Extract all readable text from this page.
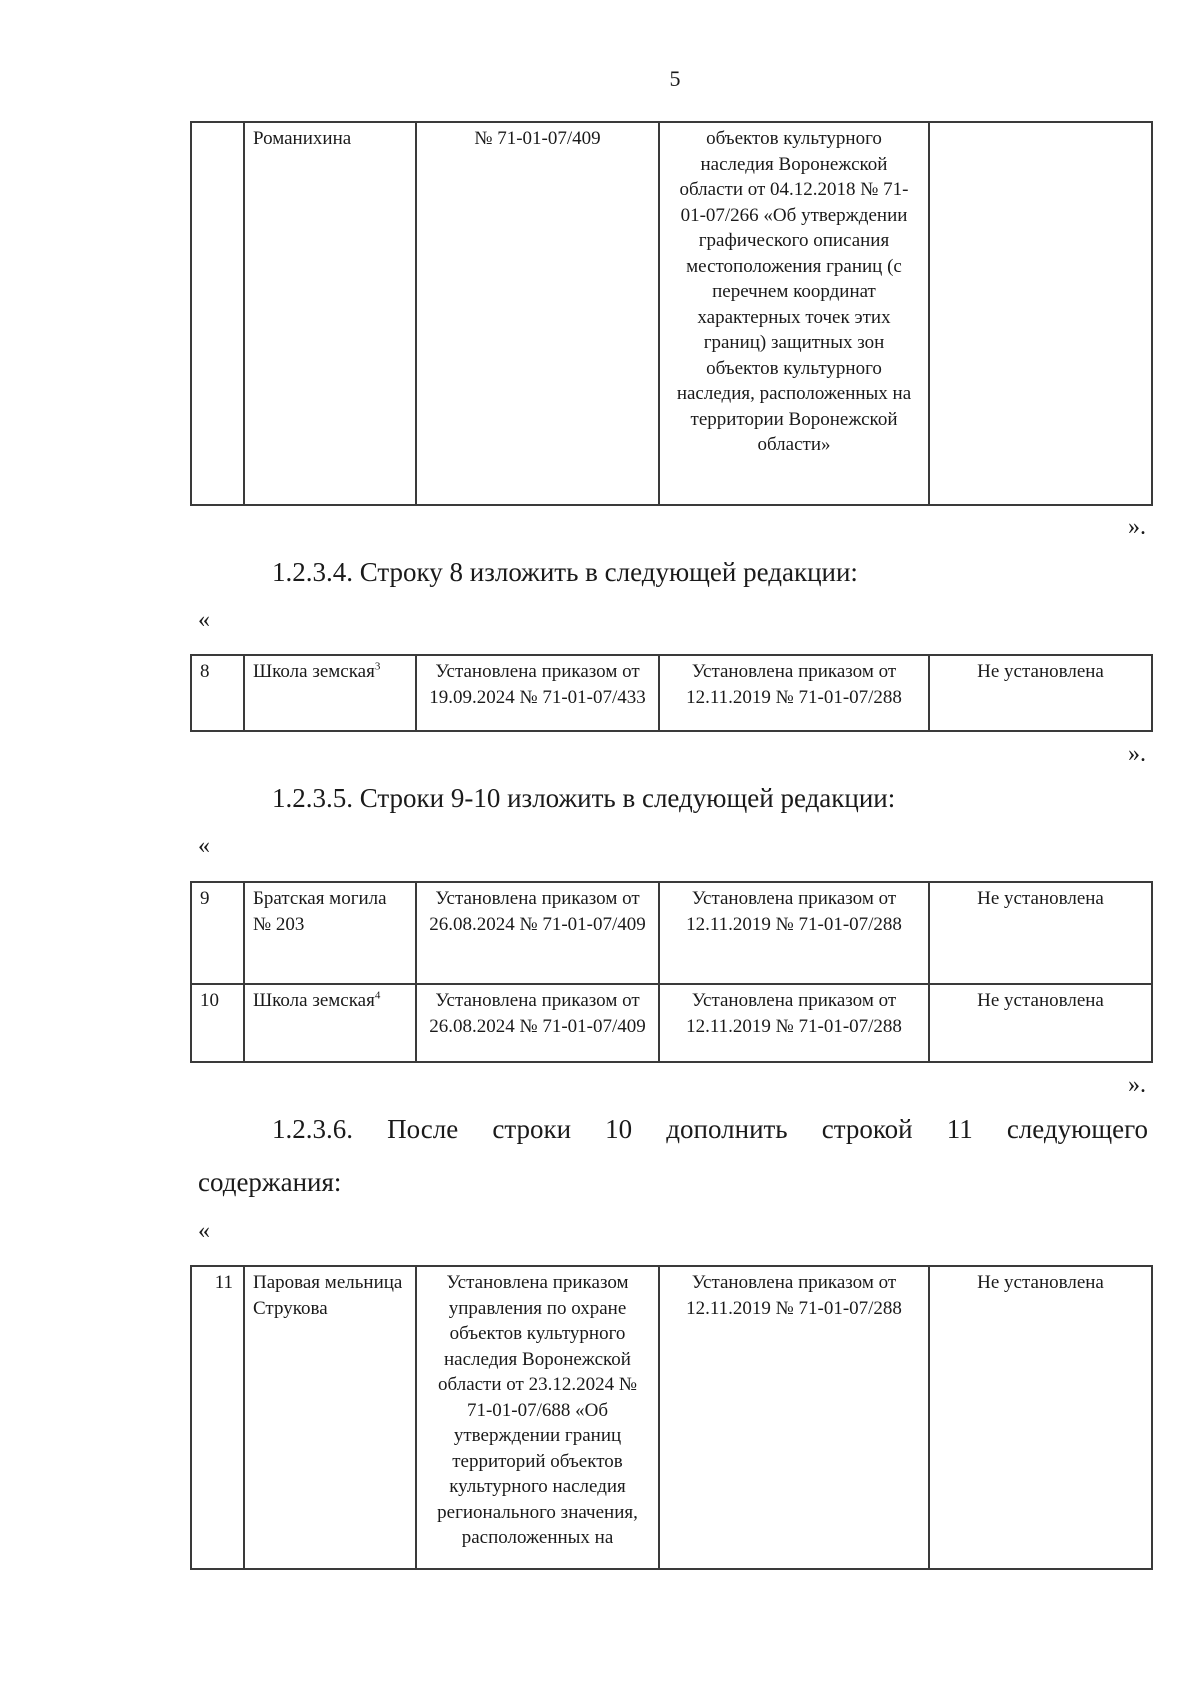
5
	Романихина	№ 71-01-07/409	объектов культурного наследия Воронежской области от 04.12.2018 № 71-01-07/266 «Об утверждении графического описания местоположения границ (с перечнем координат характерных точек этих границ) защитных зон объектов культурного наследия, расположенных на территории Воронежской области»	
».
1.2.3.4. Строку 8 изложить в следующей редакции:
«
8	Школа земская$^3$	Установлена приказом от 19.09.2024 № 71-01-07/433	Установлена приказом от 12.11.2019 № 71-01-07/288	Не установлена
».
1.2.3.5. Строки 9-10 изложить в следующей редакции:
«
9	Братская могила № 203	Установлена приказом от 26.08.2024 № 71-01-07/409	Установлена приказом от 12.11.2019 № 71-01-07/288	Не установлена
10	Школа земская$^4$	Установлена приказом от 26.08.2024 № 71-01-07/409	Установлена приказом от 12.11.2019 № 71-01-07/288	Не установлена
».
1.2.3.6. После строки 10 дополнить строкой 11 следующего
содержания:
«
11	Паровая мельница Струкова	Установлена приказом управления по охране объектов культурного наследия Воронежской области от 23.12.2024 № 71-01-07/688 «Об утверждении границ территорий объектов культурного наследия регионального значения, расположенных на	Установлена приказом от 12.11.2019 № 71-01-07/288	Не установлена
